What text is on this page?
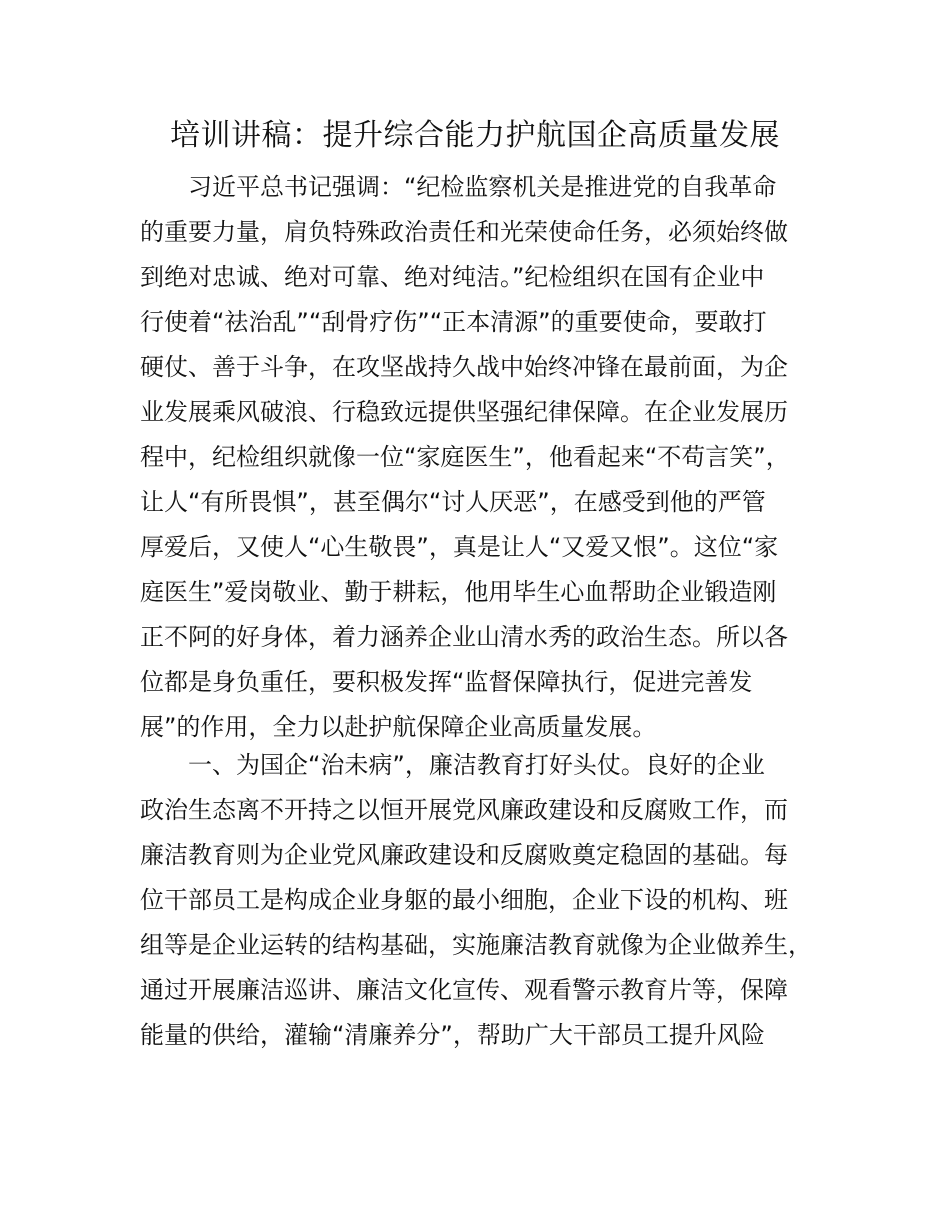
培训讲稿：提升综合能力护航国企高质量发展
习近平总书记强调：“纪检监察机关是推进党的自我革命
的重要力量，肩负特殊政治责任和光荣使命任务，必须始终做
到绝对忠诚、绝对可靠、绝对纯洁。”纪检组织在国有企业中
行使着“祛治乱”“刮骨疗伤”“正本清源”的重要使命，要敢打
硬仗、善于斗争，在攻坚战持久战中始终冲锋在最前面，为企
业发展乘风破浪、行稳致远提供坚强纪律保障。在企业发展历
程中，纪检组织就像一位“家庭医生”，他看起来“不苟言笑”，
让人“有所畏惧”，甚至偶尔“讨人厌恶”，在感受到他的严管
厚爱后，又使人“心生敬畏”，真是让人“又爱又恨”。这位“家
庭医生”爱岗敬业、勤于耕耘，他用毕生心血帮助企业锻造刚
正不阿的好身体，着力涵养企业山清水秀的政治生态。所以各
位都是身负重任，要积极发挥“监督保障执行，促进完善发
展”的作用，全力以赴护航保障企业高质量发展。
一、为国企“治未病”，廉洁教育打好头仗。良好的企业
政治生态离不开持之以恒开展党风廉政建设和反腐败工作，而
廉洁教育则为企业党风廉政建设和反腐败奠定稳固的基础。每
位干部员工是构成企业身躯的最小细胞，企业下设的机构、班
组等是企业运转的结构基础，实施廉洁教育就像为企业做养生，
通过开展廉洁巡讲、廉洁文化宣传、观看警示教育片等，保障
能量的供给，灌输“清廉养分”，帮助广大干部员工提升风险
